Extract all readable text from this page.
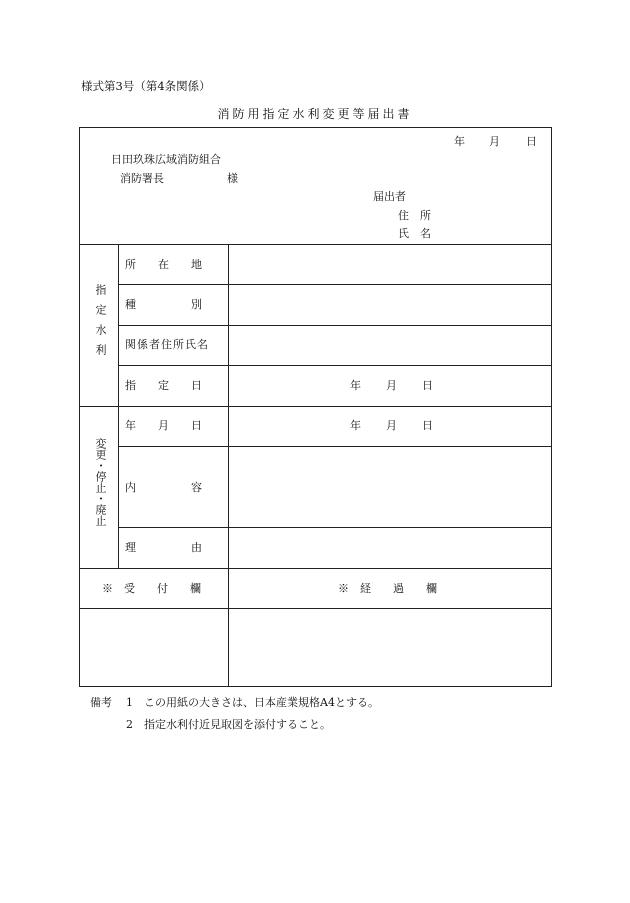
様式第3号（第4条関係）
消防用指定水利変更等届出書
年 月 日
日田玖珠広域消防組合
消防署長	様
届出者
住　所
氏　名
指定水利
所　　在　　地
種　　　　　別
関係者住所氏名
指　　定　　日	年 月 日
変更・停止・廃止
年　　月　　日	年 月 日
内　　　　　容
理　　　　　由
※　受　　付　　欄	※　経　　過　　欄
備考 1 この用紙の大きさは、日本産業規格A4とする。
2 指定水利付近見取図を添付すること。
